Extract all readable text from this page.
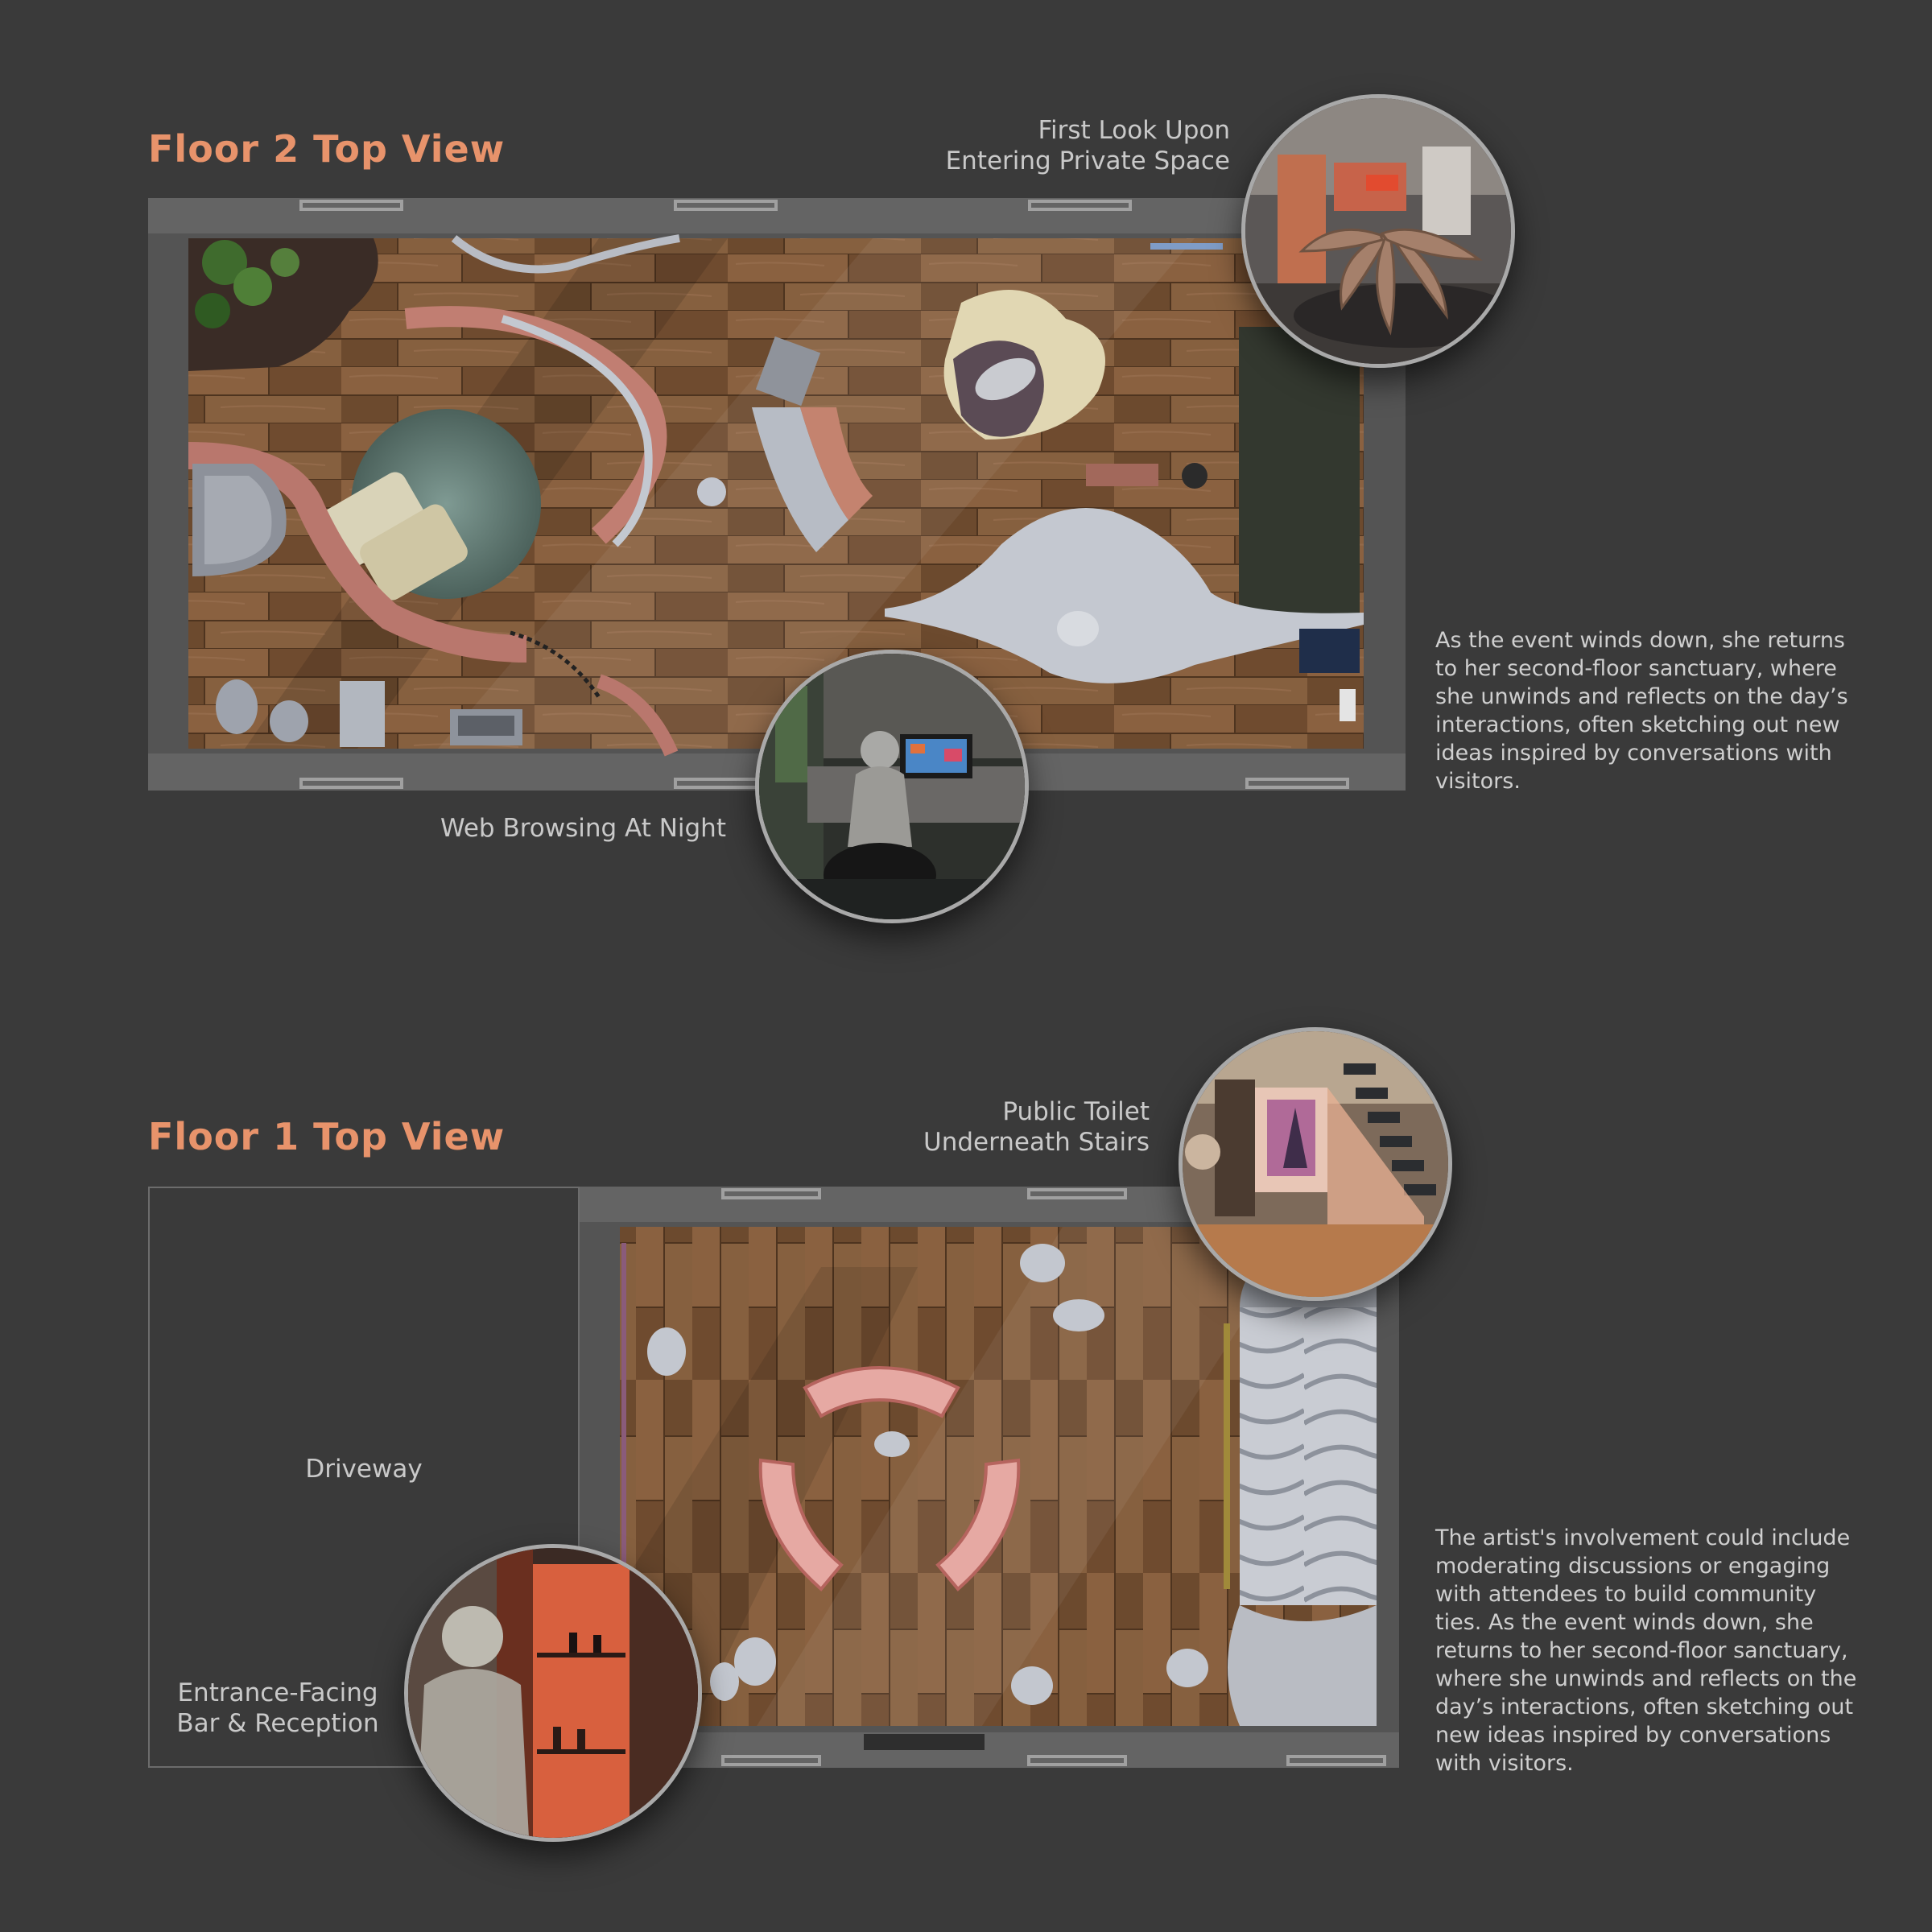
Floor 2 Top View	First Look Upon
Entering Private Space
Web Browsing At Night
As the event winds down, she returns to her second-floor sanctuary, where she unwinds and reflects on the day’s interactions, often sketching out new ideas inspired by conversations with visitors.
Floor 1 Top View
Public Toilet
Underneath Stairs
Driveway
Entrance-Facing
Bar & Reception
The artist's involvement could include moderating discussions or engaging with attendees to build community ties. As the event winds down, she returns to her second-floor sanctuary, where she unwinds and reflects on the day’s interactions, often sketching out new ideas inspired by conversations with visitors.
